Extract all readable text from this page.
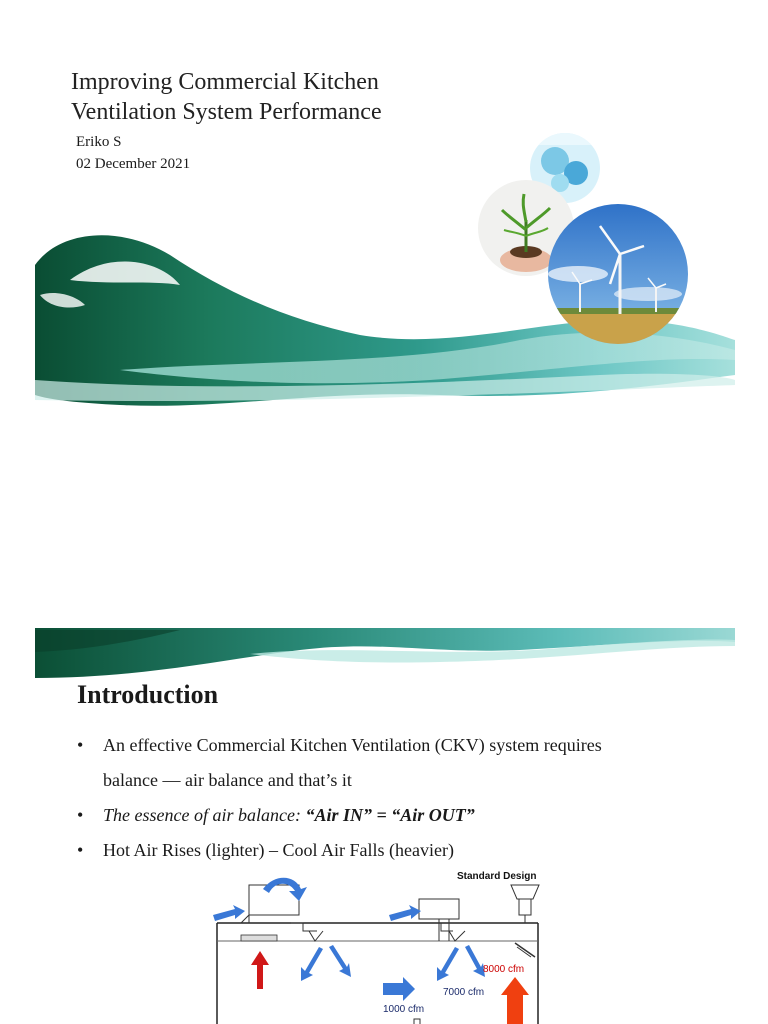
Improving Commercial Kitchen
Ventilation System Performance
Eriko S
02 December 2021
Introduction
• An effective Commercial Kitchen Ventilation (CKV) system requires balance — air balance and that’s it
• The essence of air balance: “Air IN” = “Air OUT”
• Hot Air Rises (lighter) – Cool Air Falls (heavier)
Standard Design
8000 cfm
7000 cfm
1000 cfm
